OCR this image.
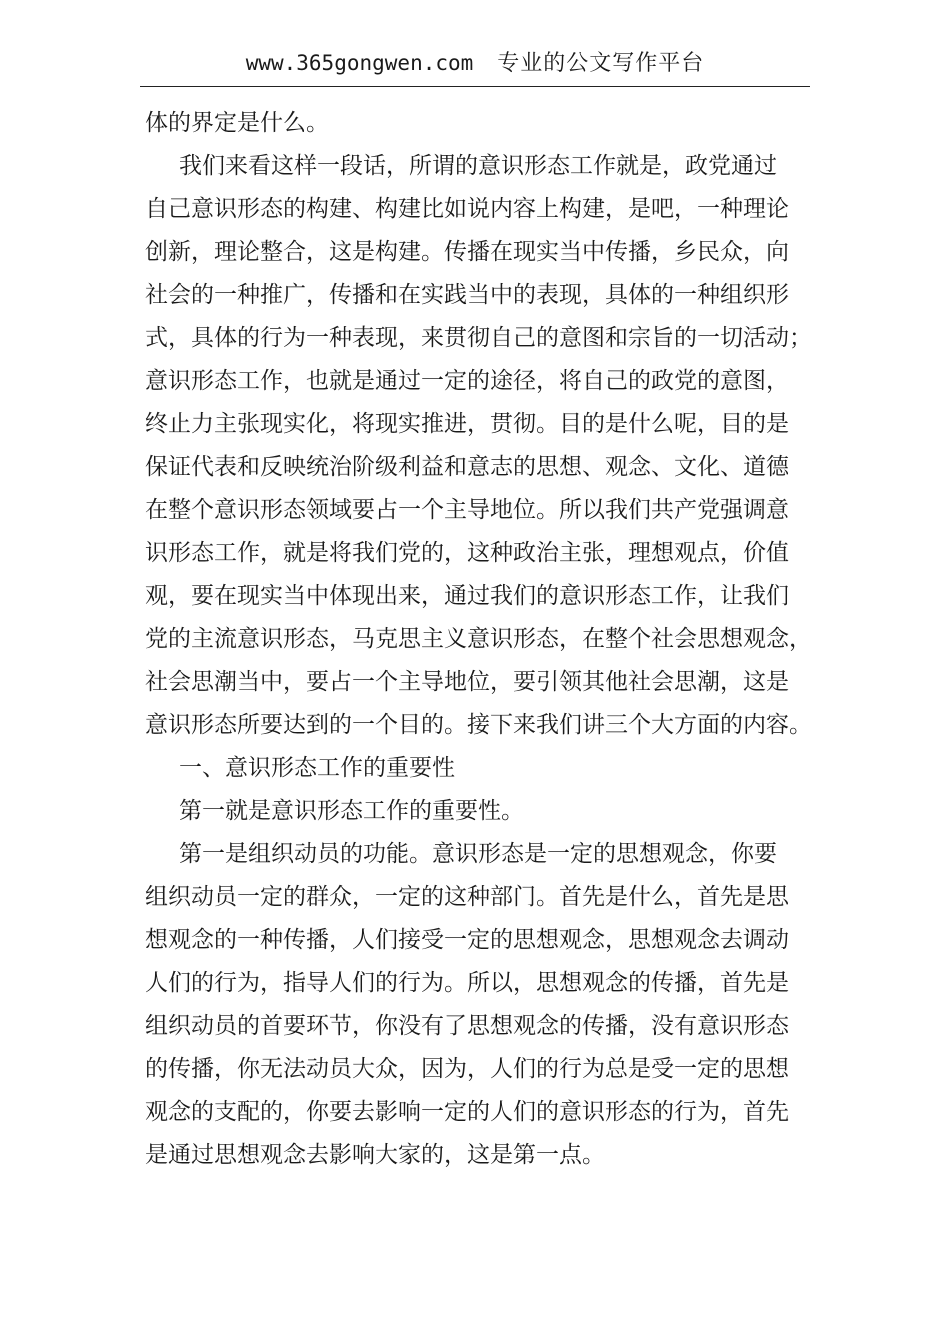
www.365gongwen.com 专业的公文写作平台
体的界定是什么。
我们来看这样一段话，所谓的意识形态工作就是，政党通过
自己意识形态的构建、构建比如说内容上构建，是吧，一种理论
创新，理论整合，这是构建。传播在现实当中传播，乡民众，向
社会的一种推广，传播和在实践当中的表现，具体的一种组织形
式，具体的行为一种表现，来贯彻自己的意图和宗旨的一切活动；
意识形态工作，也就是通过一定的途径，将自己的政党的意图，
终止力主张现实化，将现实推进，贯彻。目的是什么呢，目的是
保证代表和反映统治阶级利益和意志的思想、观念、文化、道德
在整个意识形态领域要占一个主导地位。所以我们共产党强调意
识形态工作，就是将我们党的，这种政治主张，理想观点，价值
观，要在现实当中体现出来，通过我们的意识形态工作，让我们
党的主流意识形态，马克思主义意识形态，在整个社会思想观念，
社会思潮当中，要占一个主导地位，要引领其他社会思潮，这是
意识形态所要达到的一个目的。接下来我们讲三个大方面的内容。
一、意识形态工作的重要性
第一就是意识形态工作的重要性。
第一是组织动员的功能。意识形态是一定的思想观念，你要
组织动员一定的群众，一定的这种部门。首先是什么，首先是思
想观念的一种传播，人们接受一定的思想观念，思想观念去调动
人们的行为，指导人们的行为。所以，思想观念的传播，首先是
组织动员的首要环节，你没有了思想观念的传播，没有意识形态
的传播，你无法动员大众，因为，人们的行为总是受一定的思想
观念的支配的，你要去影响一定的人们的意识形态的行为，首先
是通过思想观念去影响大家的，这是第一点。
